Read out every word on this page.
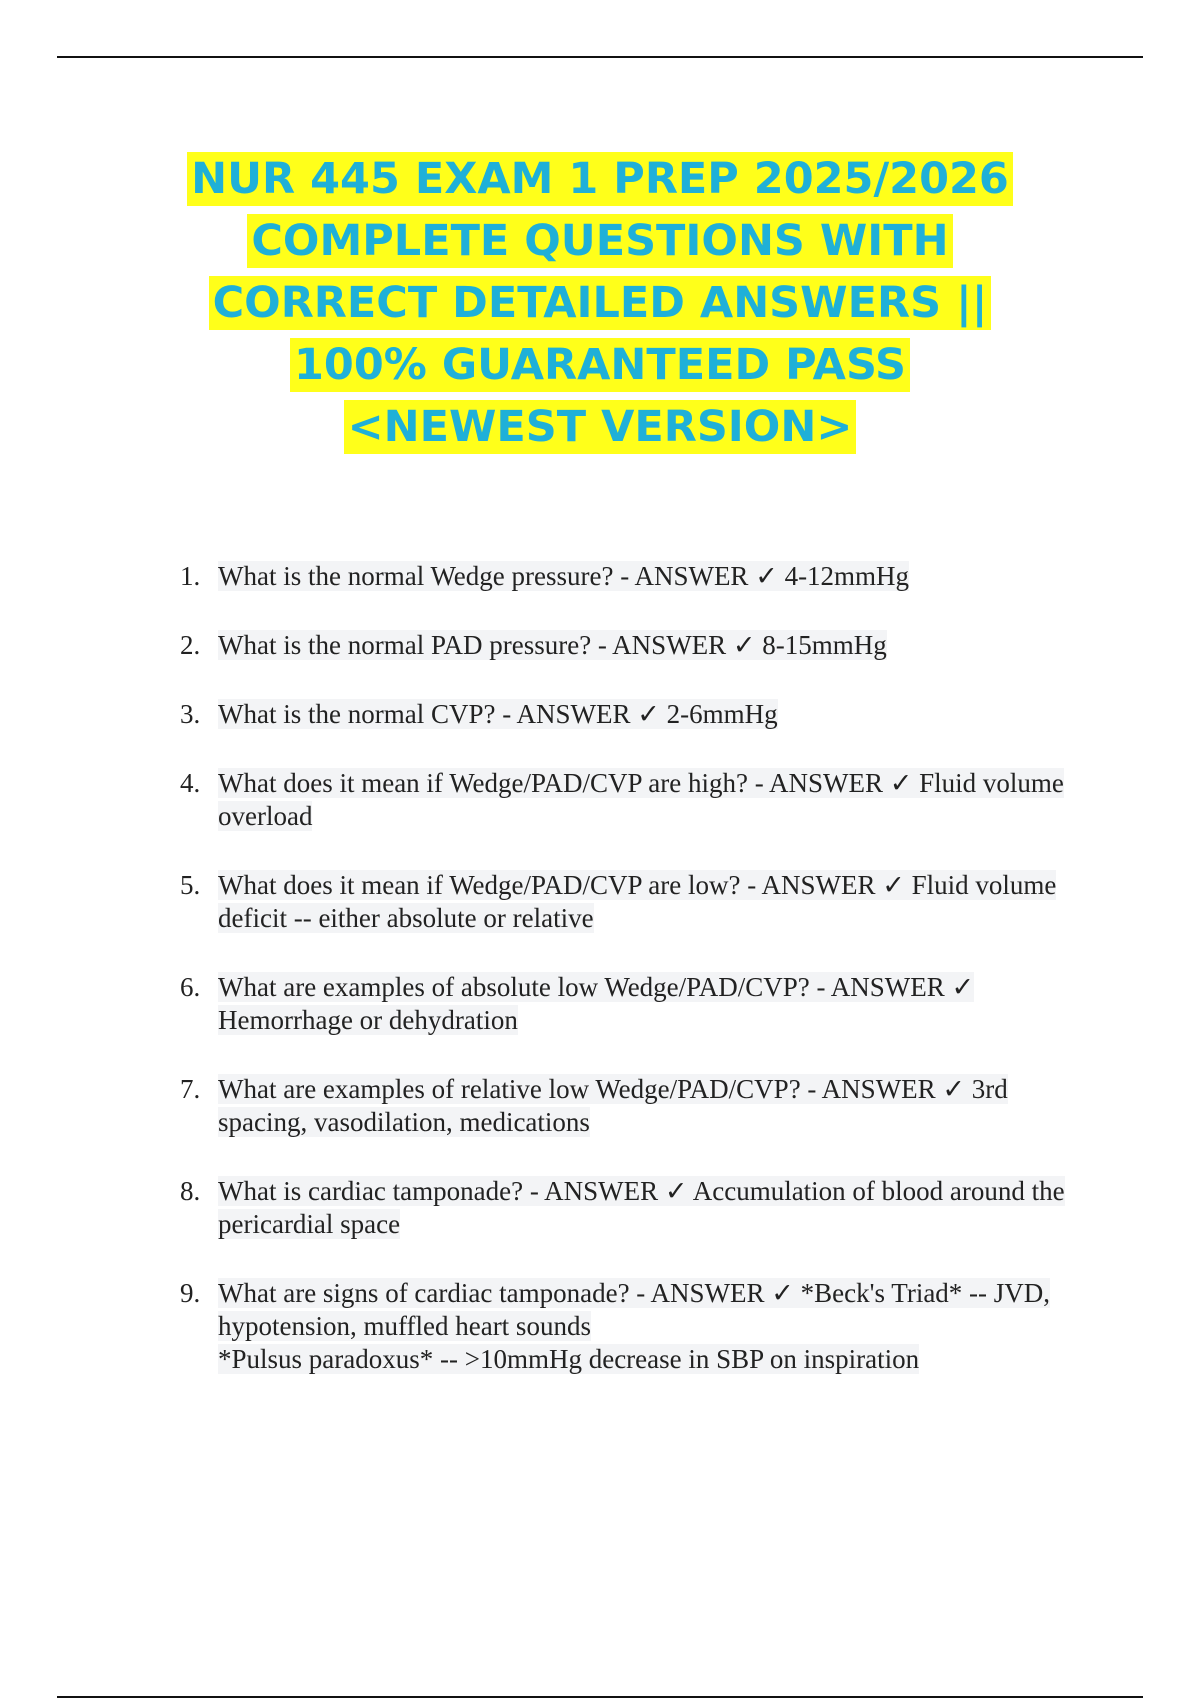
NUR 445 EXAM 1 PREP 2025/2026
COMPLETE QUESTIONS WITH
CORRECT DETAILED ANSWERS ||
100% GUARANTEED PASS
<NEWEST VERSION>
1. What is the normal Wedge pressure? - ANSWER ✓ 4-12mmHg
2. What is the normal PAD pressure? - ANSWER ✓ 8-15mmHg
3. What is the normal CVP? - ANSWER ✓ 2-6mmHg
4. What does it mean if Wedge/PAD/CVP are high? - ANSWER ✓ Fluid volume overload
5. What does it mean if Wedge/PAD/CVP are low? - ANSWER ✓ Fluid volume deficit -- either absolute or relative
6. What are examples of absolute low Wedge/PAD/CVP? - ANSWER ✓ Hemorrhage or dehydration
7. What are examples of relative low Wedge/PAD/CVP? - ANSWER ✓ 3rd spacing, vasodilation, medications
8. What is cardiac tamponade? - ANSWER ✓ Accumulation of blood around the pericardial space
9. What are signs of cardiac tamponade? - ANSWER ✓ *Beck's Triad* -- JVD, hypotension, muffled heart sounds
*Pulsus paradoxus* -- >10mmHg decrease in SBP on inspiration
